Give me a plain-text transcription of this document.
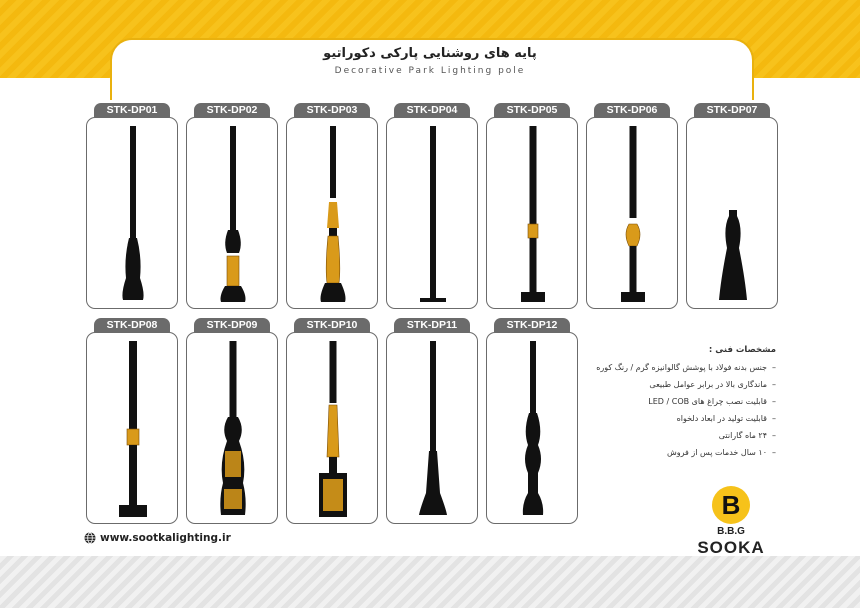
پایه های روشنایی پارکی دکوراتیو
Decorative Park Lighting pole
STK-DP01	STK-DP02	STK-DP03	STK-DP04	STK-DP05	STK-DP06	STK-DP07
STK-DP08	STK-DP09	STK-DP10	STK-DP11	STK-DP12
مشخصات فنی :
–جنس بدنه فولاد با پوشش گالوانیزه گرم / رنگ کوره
–ماندگاری بالا در برابر عوامل طبیعی
–قابلیت نصب چراغ های LED / COB
–قابلیت تولید در ابعاد دلخواه
–۲۴ ماه گارانتی
–۱۰ سال خدمات پس از فروش
www.sootkalighting.ir
B
B.B.G
SOOKA
